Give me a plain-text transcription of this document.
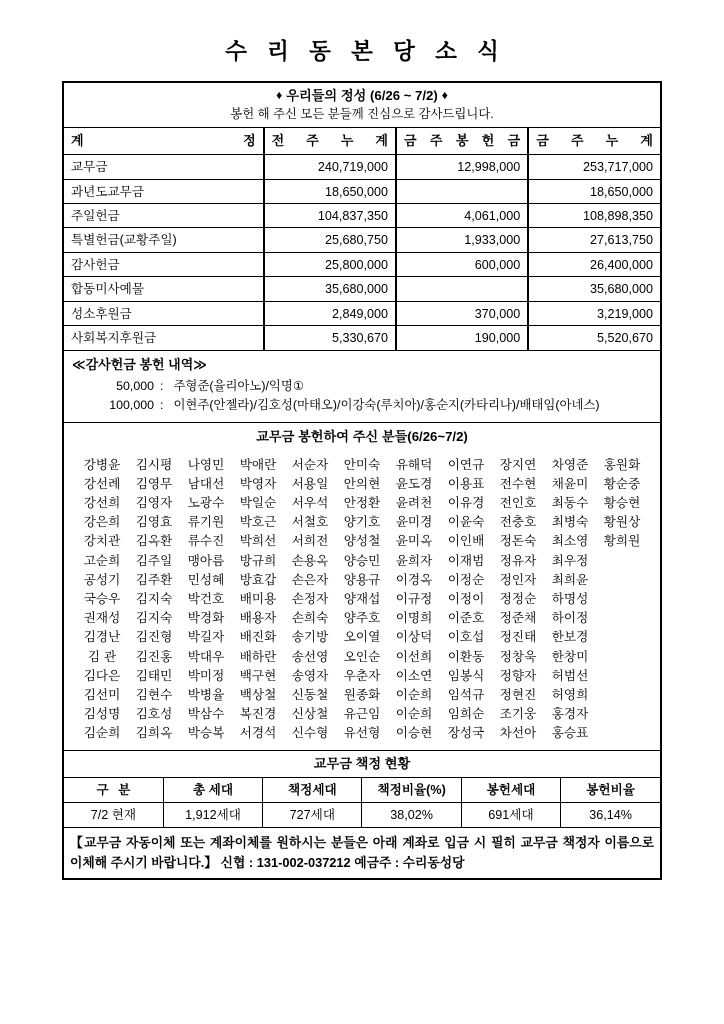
수 리 동 본 당 소 식
♦ 우리들의 정성 (6/26 ~ 7/2) ♦
봉헌 해 주신 모든 분들께 진심으로 감사드립니다.
계 정	전 주 누 계	금 주 봉 헌 금	금 주 누 계

교무금	240,719,000	12,998,000	253,717,000
과년도교무금	18,650,000		18,650,000
주일헌금	104,837,350	4,061,000	108,898,350
특별헌금(교황주일)	25,680,750	1,933,000	27,613,750
감사헌금	25,800,000	600,000	26,400,000
합동미사예물	35,680,000		35,680,000
성소후원금	2,849,000	370,000	3,219,000
사회복지후원금	5,330,670	190,000	5,520,670
≪감사헌금 봉헌 내역≫
50,000 : 주형준(율리아노)/익명①
100,000 : 이현주(안젤라)/김호성(마태오)/이강숙(루치아)/홍순지(카타리나)/배태임(아네스)
교무금 봉헌하여 주신 분들(6/26~7/2)
강병윤	김시평	나영민	박애란	서순자	안미숙	유해덕	이연규	장지연	차영준	홍원화
강선례	김영무	남대선	박영자	서용일	안의현	윤도경	이용표	전수현	채윤미	황순중
강선희	김영자	노광수	박일순	서우석	안정환	윤려천	이유경	전인호	최동수	황승현
강은희	김영효	류기원	박호근	서철호	양기호	윤미경	이윤숙	전충호	최병숙	황원상
강치관	김옥환	류수진	박희선	서희전	양성철	윤미옥	이인배	정돈숙	최소영	황희원
고순희	김주일	맹아름	방규희	손용옥	양승민	윤희자	이재범	정유자	최우정
공성기	김주환	민성혜	방효갑	손은자	양용규	이경옥	이정순	정인자	최희윤
국승우	김지숙	박건호	배미용	손정자	양재섭	이규정	이정이	정정순	하명성
권재성	김지숙	박경화	배용자	손희숙	양주호	이명희	이준호	정준채	하이정
김경난	김진형	박길자	배진화	송기방	오이열	이상덕	이호섭	정진태	한보경
김관	김진홍	박대우	배하란	송선영	오인순	이선희	이환동	정창욱	한창미
김다은	김태민	박미정	백구현	송영자	우춘자	이소연	임봉식	정향자	허범선
김선미	김현수	박병율	백상철	신동철	원종화	이순희	임석규	정현진	허영희
김성명	김호성	박삼수	복진경	신상철	유근임	이순희	임희순	조기웅	홍경자
김순희	김희옥	박승복	서경석	신수형	유선형	이승현	장성국	차선아	홍승표
교무금 책정 현황
구 분	총 세대	책정세대	책정비율(%)	봉헌세대	봉헌비율
7/2 현재	1,912세대	727세대	38,02%	691세대	36,14%
【교무금 자동이체 또는 계좌이체를 원하시는 분들은 아래 계좌로 입금 시 필히 교무금 책정자 이름으로 이체해 주시기 바랍니다.】 신협 : 131-002-037212 예금주 : 수리동성당
